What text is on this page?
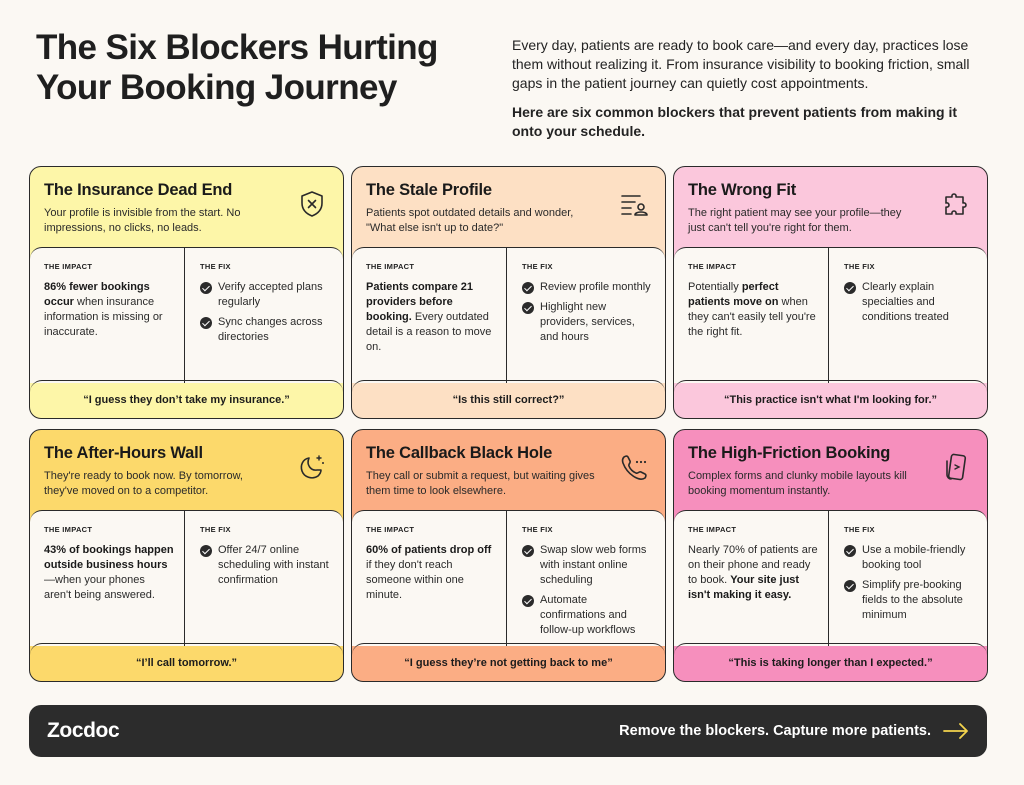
The Six Blockers Hurting
Your Booking Journey

Every day, patients are ready to book care—and every day, practices lose them without realizing it. From insurance visibility to booking friction, small gaps in the patient journey can quietly cost appointments.

Here are six common blockers that prevent patients from making it onto your schedule.

The Insurance Dead End
Your profile is invisible from the start. No impressions, no clicks, no leads.
THE IMPACT
86% fewer bookings occur when insurance information is missing or inaccurate.
THE FIX
Verify accepted plans regularly
Sync changes across directories
“I guess they don’t take my insurance.”
The Stale Profile
Patients spot outdated details and wonder, "What else isn't up to date?"
THE IMPACT
Patients compare 21 providers before booking. Every outdated detail is a reason to move on.
THE FIX
Review profile monthly
Highlight new providers, services, and hours
“Is this still correct?”
The Wrong Fit
The right patient may see your profile—they just can't tell you're right for them.
THE IMPACT
Potentially perfect patients move on when they can't easily tell you're the right fit.
THE FIX
Clearly explain specialties and conditions treated
“This practice isn't what I'm looking for.”
The After-Hours Wall
They're ready to book now. By tomorrow, they've moved on to a competitor.
THE IMPACT
43% of bookings happen outside business hours—when your phones aren't being answered.
THE FIX
Offer 24/7 online scheduling with instant confirmation
“I’ll call tomorrow.”
The Callback Black Hole
They call or submit a request, but waiting gives them time to look elsewhere.
THE IMPACT
60% of patients drop off if they don't reach someone within one minute.
THE FIX
Swap slow web forms with instant online scheduling
Automate confirmations and follow-up workflows
“I guess they’re not getting back to me”
The High-Friction Booking
Complex forms and clunky mobile layouts kill booking momentum instantly.
THE IMPACT
Nearly 70% of patients are on their phone and ready to book. Your site just isn't making it easy.
THE FIX
Use a mobile-friendly booking tool
Simplify pre-booking fields to the absolute minimum
“This is taking longer than I expected.”
Zocdoc	Remove the blockers. Capture more patients.
